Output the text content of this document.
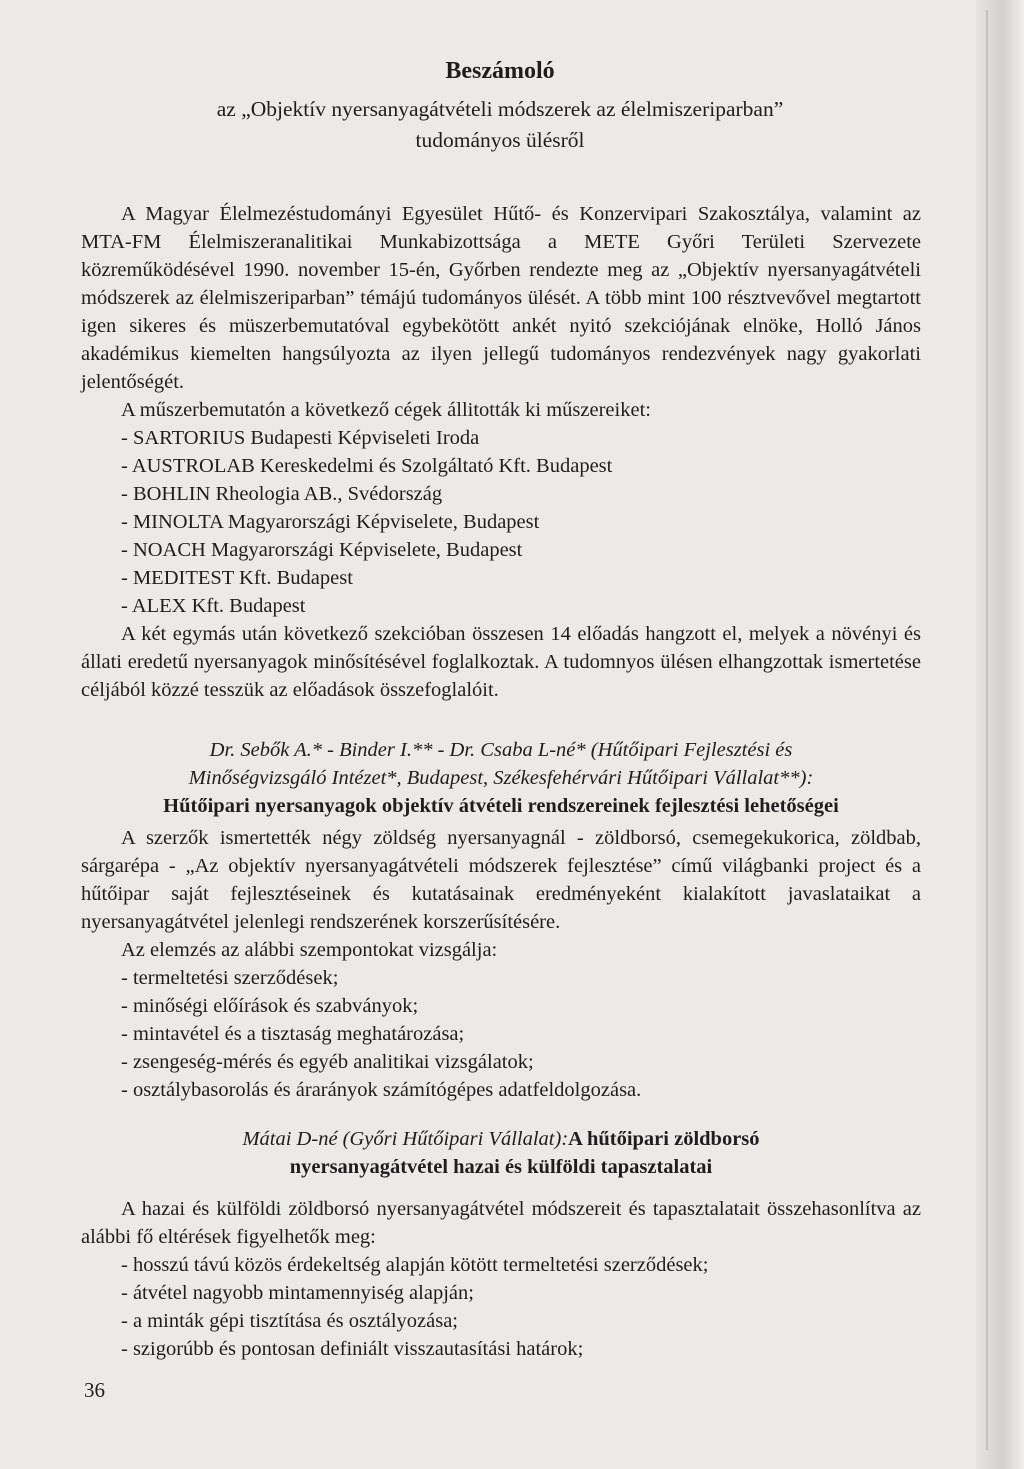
Beszámoló
az „Objektív nyersanyagátvételi módszerek az élelmiszeriparban”
tudományos ülésről

A Magyar Élelmezéstudományi Egyesület Hűtő- és Konzervipari Szakosztálya, valamint az MTA-FM Élelmiszeranalitikai Munkabizottsága a METE Győri Területi Szervezete közreműködésével 1990. november 15-én, Győrben rendezte meg az „Objektív nyersanyagátvételi módszerek az élelmiszeriparban” témájú tudományos ülését. A több mint 100 résztvevővel megtartott igen sikeres és müszerbemutatóval egybekötött ankét nyitó szekciójának elnöke, Holló János akadémikus kiemelten hangsúlyozta az ilyen jellegű tudományos rendezvények nagy gyakorlati jelentőségét.

A műszerbemutatón a következő cégek állitották ki műszereiket:

- SARTORIUS Budapesti Képviseleti Iroda
- AUSTROLAB Kereskedelmi és Szolgáltató Kft. Budapest
- BOHLIN Rheologia AB., Svédország
- MINOLTA Magyarországi Képviselete, Budapest
- NOACH Magyarországi Képviselete, Budapest
- MEDITEST Kft. Budapest
- ALEX Kft. Budapest

A két egymás után következő szekcióban összesen 14 előadás hangzott el, melyek a növényi és állati eredetű nyersanyagok minősítésével foglalkoztak. A tudomnyos ülésen elhangzottak ismertetése céljából közzé tesszük az előadások összefoglalóit.

Dr. Sebők A.* - Binder I.** - Dr. Csaba L-né* (Hűtőipari Fejlesztési és
Minőségvizsgáló Intézet*, Budapest, Székesfehérvári Hűtőipari Vállalat**):
Hűtőipari nyersanyagok objektív átvételi rendszereinek fejlesztési lehetőségei

A szerzők ismertették négy zöldség nyersanyagnál - zöldborsó, csemegekukorica, zöldbab, sárgarépa - „Az objektív nyersanyagátvételi módszerek fejlesztése” című világbanki project és a hűtőipar saját fejlesztéseinek és kutatásainak eredményeként kialakított javaslataikat a nyersanyagátvétel jelenlegi rendszerének korszerűsítésére.

Az elemzés az alábbi szempontokat vizsgálja:

- termeltetési szerződések;
- minőségi előírások és szabványok;
- mintavétel és a tisztaság meghatározása;
- zsengeség-mérés és egyéb analitikai vizsgálatok;
- osztálybasorolás és árarányok számítógépes adatfeldolgozása.
Mátai D-né (Győri Hűtőipari Vállalat):A hűtőipari zöldborsó
nyersanyagátvétel hazai és külföldi tapasztalatai

A hazai és külföldi zöldborsó nyersanyagátvétel módszereit és tapasztalatait összehasonlítva az alábbi fő eltérések figyelhetők meg:

- hosszú távú közös érdekeltség alapján kötött termeltetési szerződések;
- átvétel nagyobb mintamennyiség alapján;
- a minták gépi tisztítása és osztályozása;
- szigorúbb és pontosan definiált visszautasítási határok;
36
